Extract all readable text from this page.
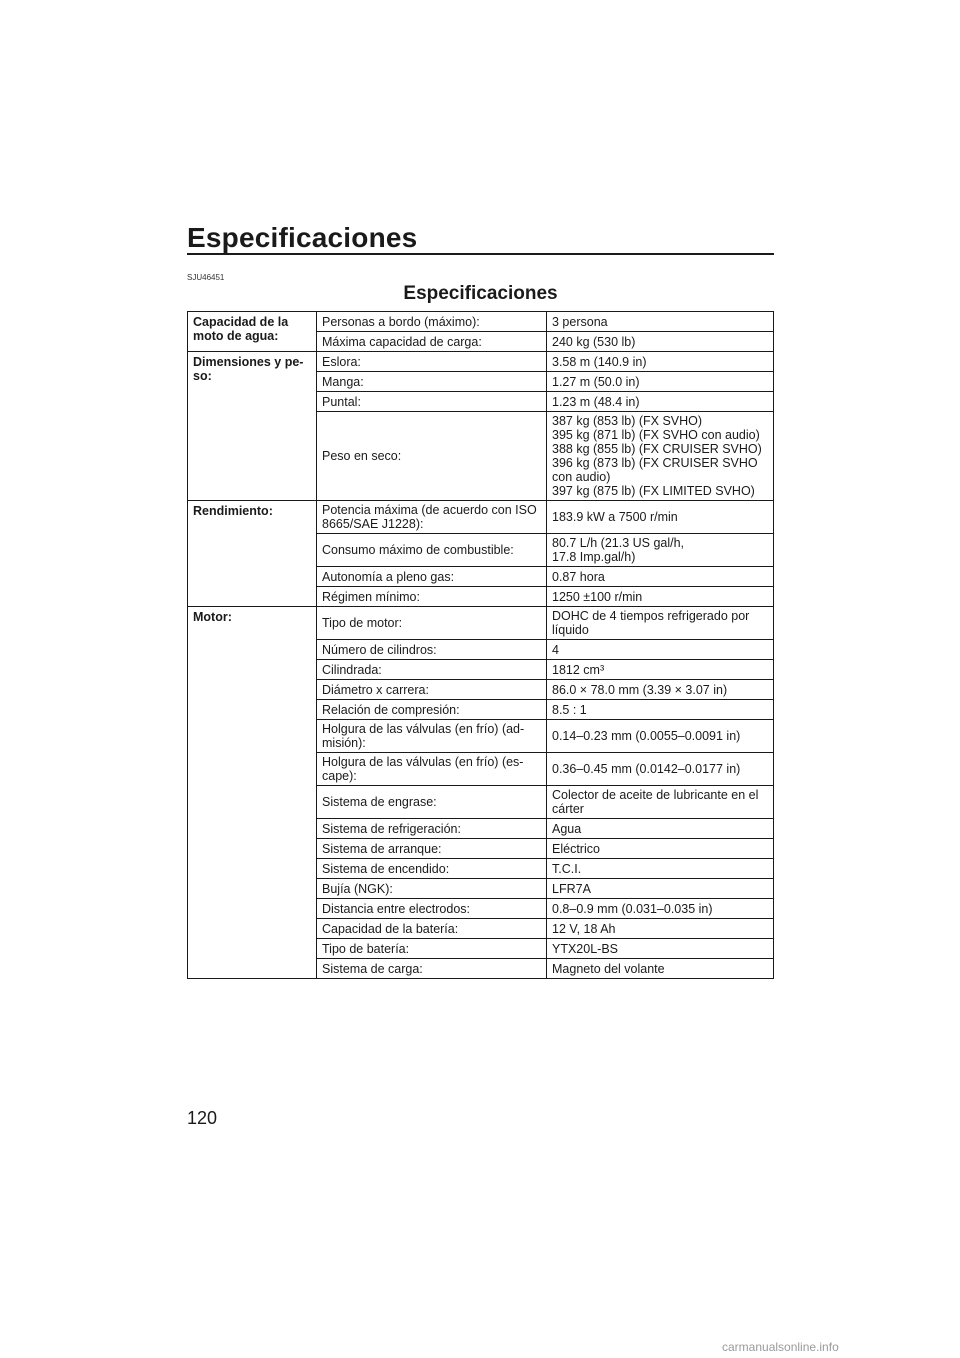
Especificaciones
SJU46451
Especificaciones
Capacidad de la moto de agua:	Personas a bordo (máximo):	3 persona
	Máxima capacidad de carga:	240 kg (530 lb)
Dimensiones y pe-so:	Eslora:	3.58 m (140.9 in)
	Manga:	1.27 m (50.0 in)
	Puntal:	1.23 m (48.4 in)
	Peso en seco:	387 kg (853 lb) (FX SVHO)
395 kg (871 lb) (FX SVHO con audio)
388 kg (855 lb) (FX CRUISER SVHO)
396 kg (873 lb) (FX CRUISER SVHO con audio)
397 kg (875 lb) (FX LIMITED SVHO)
Rendimiento:	Potencia máxima (de acuerdo con ISO 8665/SAE J1228):	183.9 kW a 7500 r/min
	Consumo máximo de combustible:	80.7 L/h (21.3 US gal/h,
17.8 Imp.gal/h)
	Autonomía a pleno gas:	0.87 hora
	Régimen mínimo:	1250 ±100 r/min
Motor:	Tipo de motor:	DOHC de 4 tiempos refrigerado por líquido
	Número de cilindros:	4
	Cilindrada:	1812 cm³
	Diámetro x carrera:	86.0 × 78.0 mm (3.39 × 3.07 in)
	Relación de compresión:	8.5 : 1
	Holgura de las válvulas (en frío) (ad-misión):	0.14–0.23 mm (0.0055–0.0091 in)
	Holgura de las válvulas (en frío) (es-cape):	0.36–0.45 mm (0.0142–0.0177 in)
	Sistema de engrase:	Colector de aceite de lubricante en el cárter
	Sistema de refrigeración:	Agua
	Sistema de arranque:	Eléctrico
	Sistema de encendido:	T.C.I.
	Bujía (NGK):	LFR7A
	Distancia entre electrodos:	0.8–0.9 mm (0.031–0.035 in)
	Capacidad de la batería:	12 V, 18 Ah
	Tipo de batería:	YTX20L-BS
	Sistema de carga:	Magneto del volante
120
carmanualsonline.info
